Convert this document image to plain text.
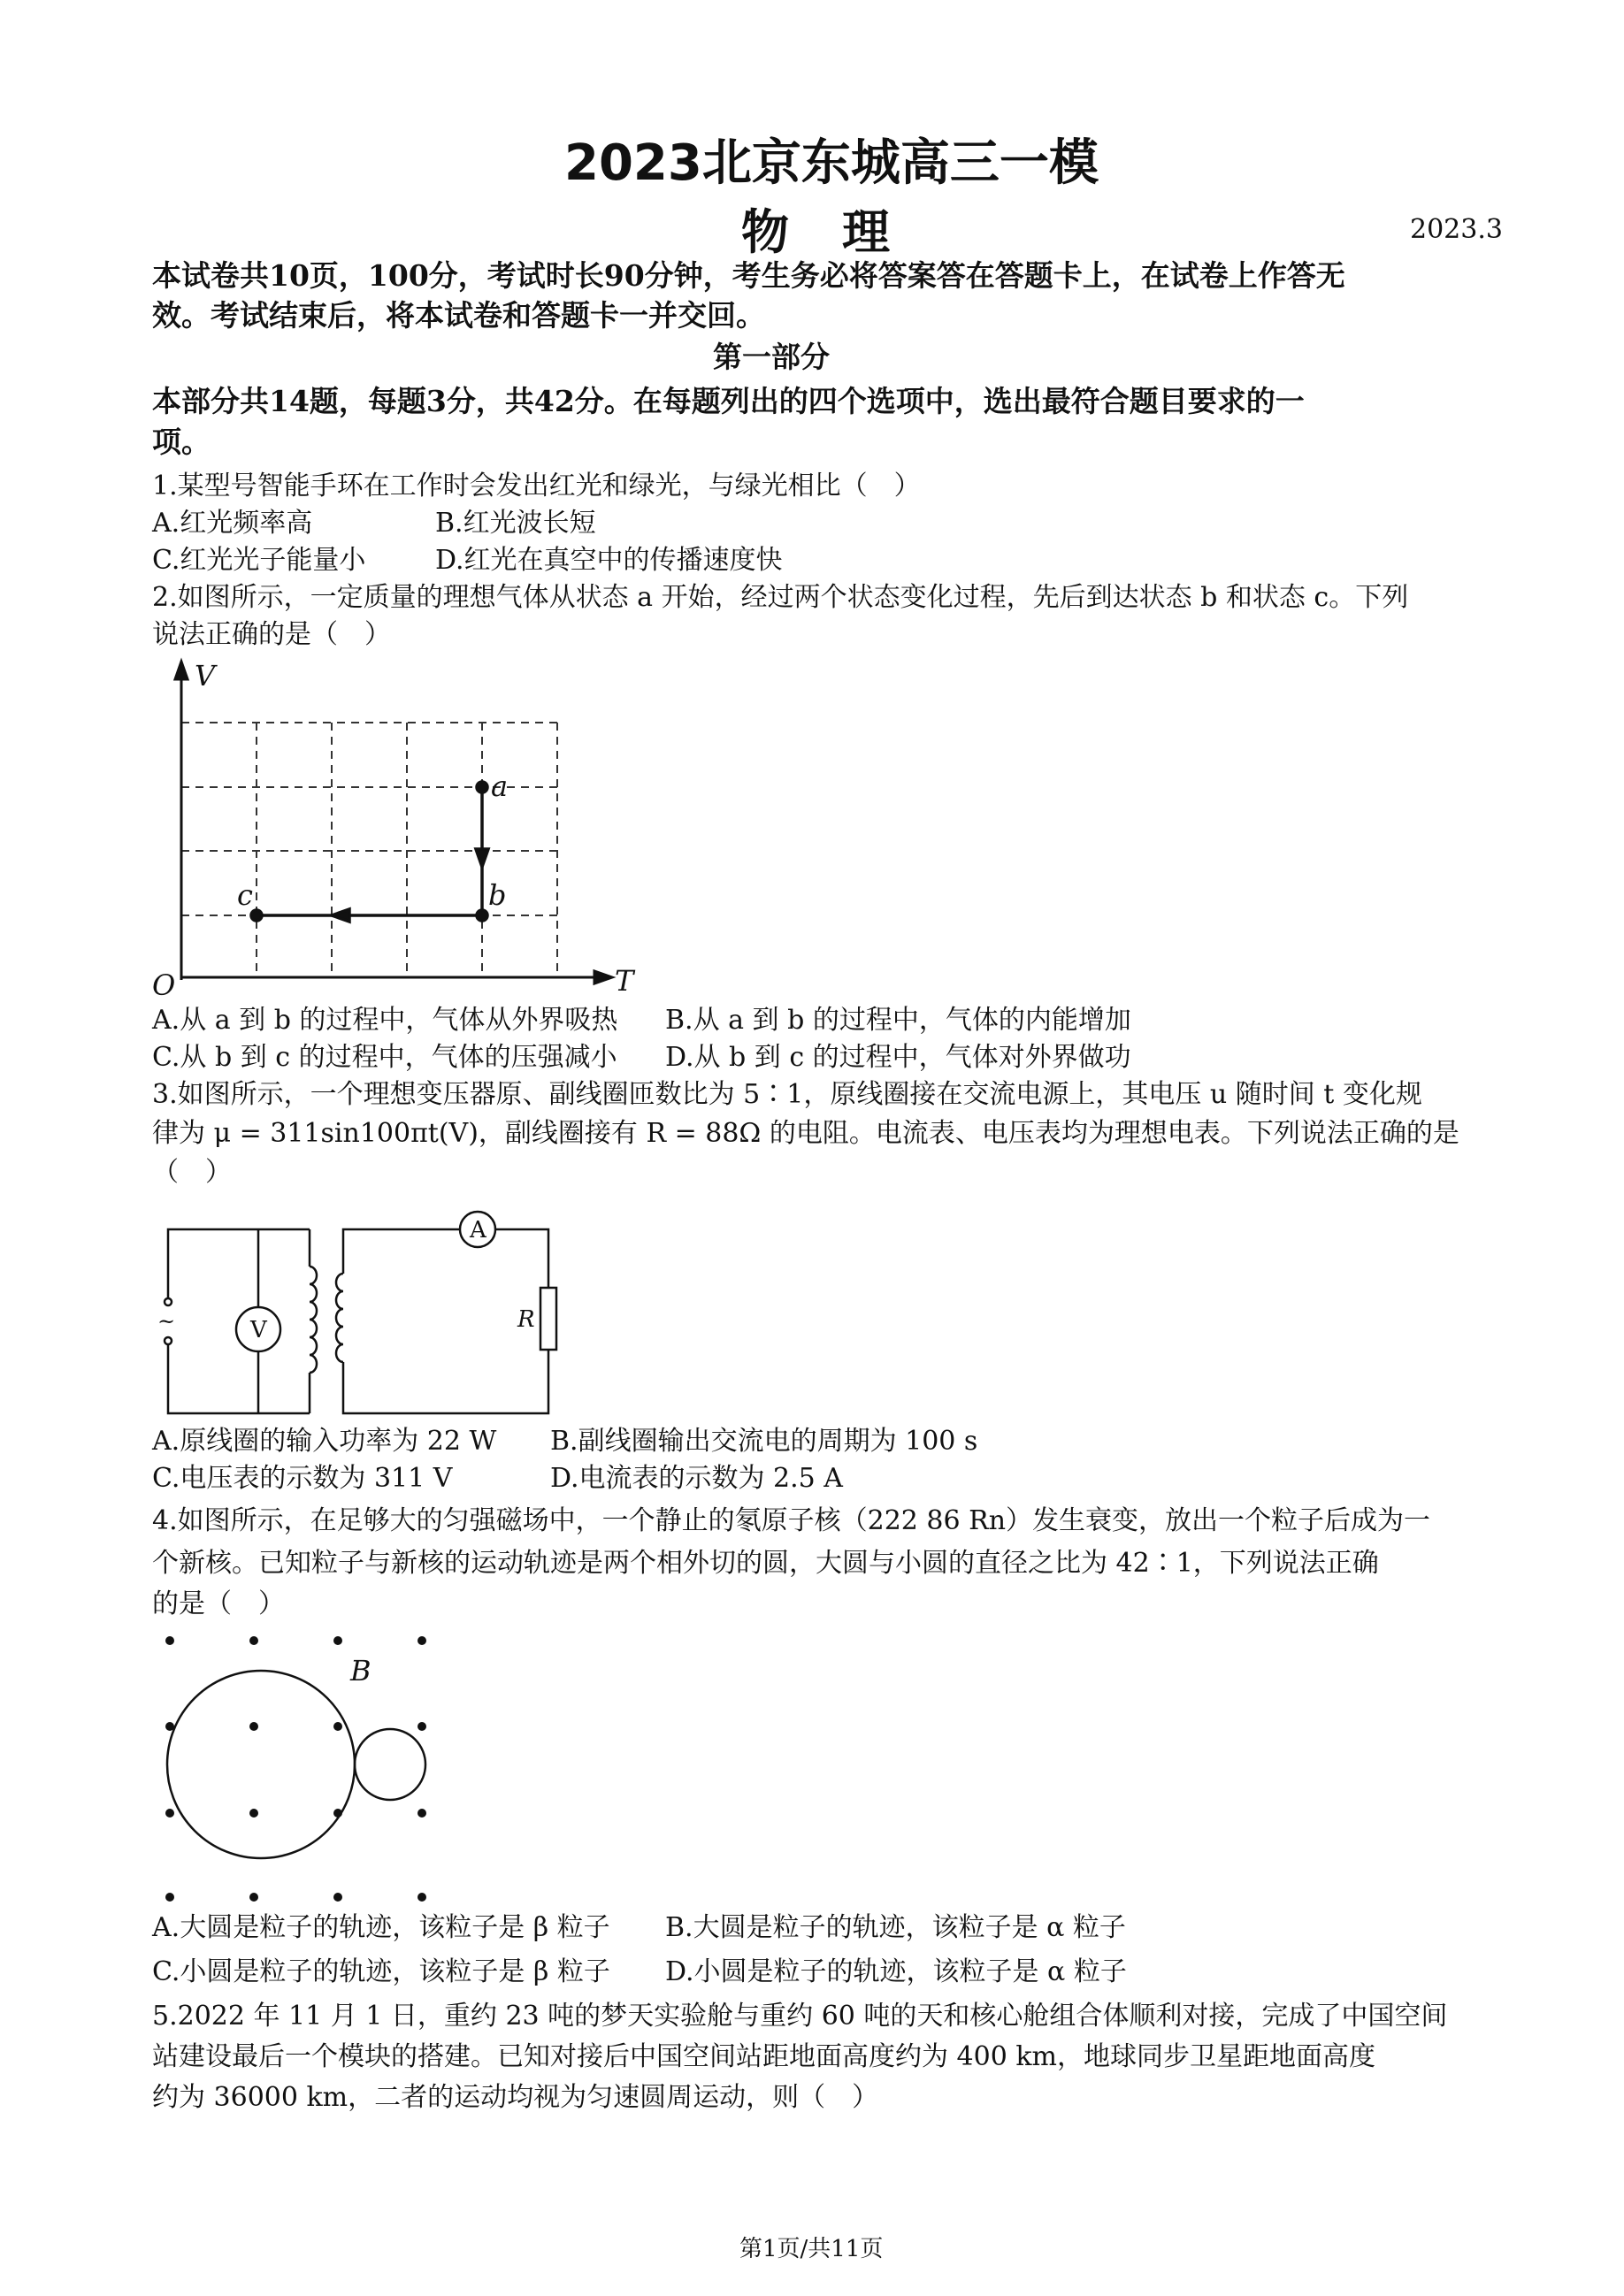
2023北京东城高三一模
物理	2023.3
本试卷共10页，100分，考试时长90分钟，考生务必将答案答在答题卡上，在试卷上作答无
效。考试结束后，将本试卷和答题卡一并交回。
第一部分
本部分共14题，每题3分，共42分。在每题列出的四个选项中，选出最符合题目要求的一
项。
1.某型号智能手环在工作时会发出红光和绿光，与绿光相比（　）
A.红光频率高	B.红光波长短
C.红光光子能量小	D.红光在真空中的传播速度快
2.如图所示，一定质量的理想气体从状态 a 开始，经过两个状态变化过程，先后到达状态 b 和状态 c。下列
说法正确的是（　）
V
T
O
a
b
c
A.从 a 到 b 的过程中，气体从外界吸热 B.从 a 到 b 的过程中，气体的内能增加
C.从 b 到 c 的过程中，气体的压强减小 D.从 b 到 c 的过程中，气体对外界做功
3.如图所示，一个理想变压器原、副线圈匝数比为 5∶1，原线圈接在交流电源上，其电压 u 随时间 t 变化规
律为 μ = 311sin100πt(V)，副线圈接有 R = 88Ω 的电阻。电流表、电压表均为理想电表。下列说法正确的是
（　）
A
V	R
~
A.原线圈的输入功率为 22 W B.副线圈输出交流电的周期为 100 s
C.电压表的示数为 311 V	D.电流表的示数为 2.5 A
4.如图所示，在足够大的匀强磁场中，一个静止的氡原子核（222 86 Rn）发生衰变，放出一个粒子后成为一
个新核。已知粒子与新核的运动轨迹是两个相外切的圆，大圆与小圆的直径之比为 42∶1，下列说法正确
的是（　）
B
A.大圆是粒子的轨迹，该粒子是 β 粒子 B.大圆是粒子的轨迹，该粒子是 α 粒子
C.小圆是粒子的轨迹，该粒子是 β 粒子 D.小圆是粒子的轨迹，该粒子是 α 粒子
5.2022 年 11 月 1 日，重约 23 吨的梦天实验舱与重约 60 吨的天和核心舱组合体顺利对接，完成了中国空间
站建设最后一个模块的搭建。已知对接后中国空间站距地面高度约为 400 km，地球同步卫星距地面高度
约为 36000 km，二者的运动均视为匀速圆周运动，则（　）
第1页/共11页
